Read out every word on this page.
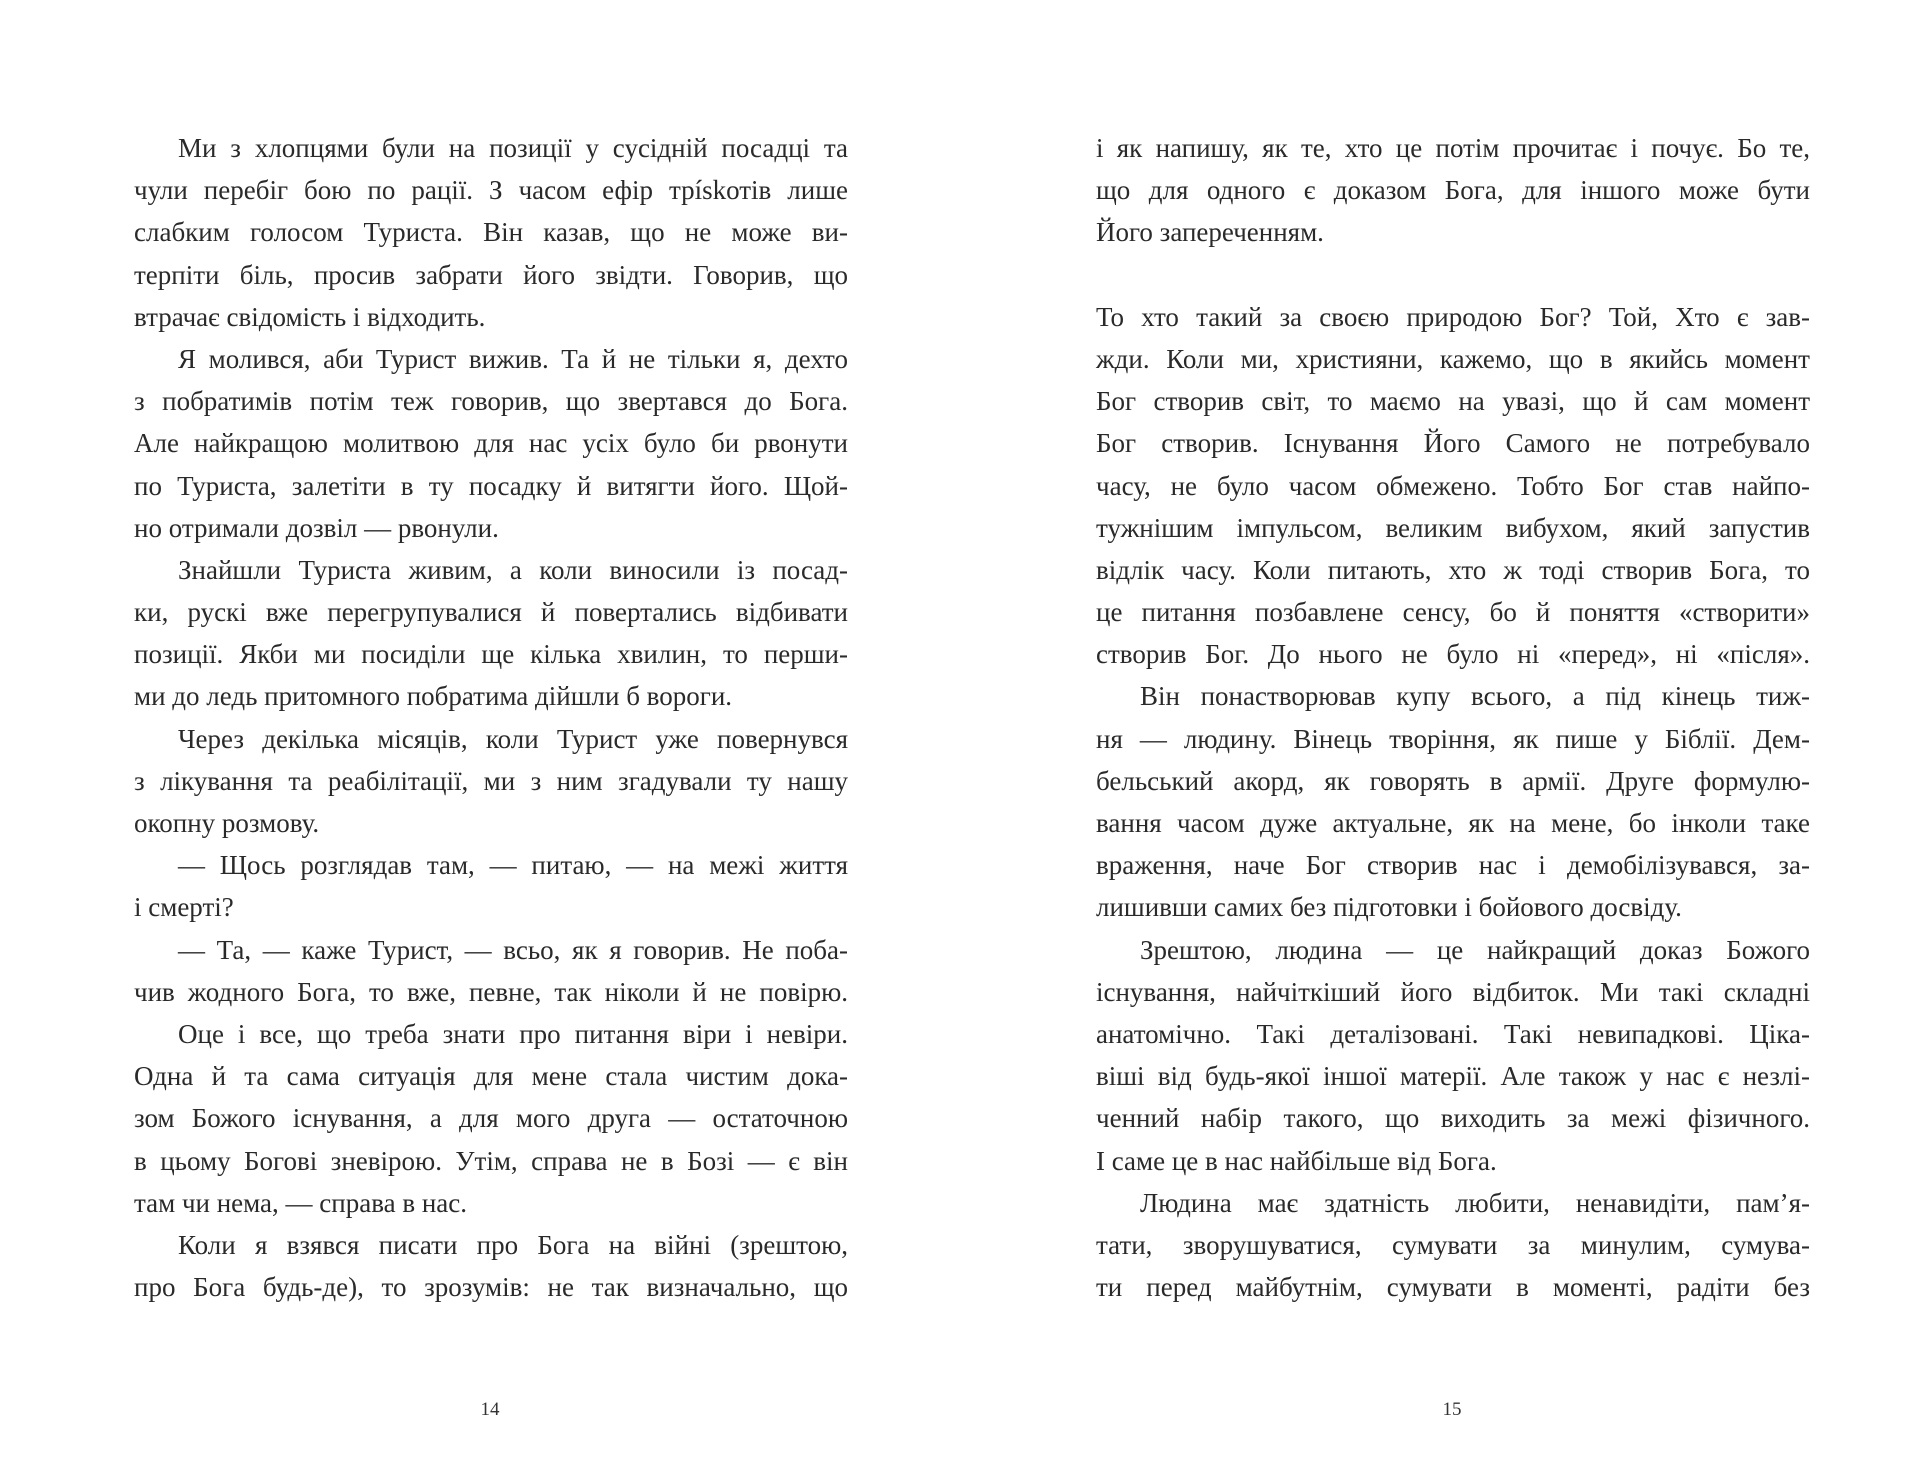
Ми з хлопцями були на позиції у сусідній посадці та
чули перебіг бою по рації. З часом ефір трískотів лише
слабким голосом Туриста. Він казав, що не може ви-
терпіти біль, просив забрати його звідти. Говорив, що
втрачає свідомість і відходить.
Я молився, аби Турист вижив. Та й не тільки я, дехто
з побратимів потім теж говорив, що звертався до Бога.
Але найкращою молитвою для нас усіх було би рвонути
по Туриста, залетіти в ту посадку й витягти його. Щой-
но отримали дозвіл — рвонули.
Знайшли Туриста живим, а коли виносили із посад-
ки, рускі вже перегрупувалися й повертались відбивати
позиції. Якби ми посиділи ще кілька хвилин, то перши-
ми до ледь притомного побратима дійшли б вороги.
Через декілька місяців, коли Турист уже повернувся
з лікування та реабілітації, ми з ним згадували ту нашу
окопну розмову.
— Щось розглядав там, — питаю, — на межі життя
і смерті?
— Та, — каже Турист, — всьо, як я говорив. Не поба-
чив жодного Бога, то вже, певне, так ніколи й не повірю.
Оце і все, що треба знати про питання віри і невіри.
Одна й та сама ситуація для мене стала чистим дока-
зом Божого існування, а для мого друга — остаточною
в цьому Богові зневірою. Утім, справа не в Бозі — є він
там чи нема, — справа в нас.
Коли я взявся писати про Бога на війні (зрештою,
про Бога будь-де), то зрозумів: не так визначально, що
14
і як напишу, як те, хто це потім прочитає і почує. Бо те,
що для одного є доказом Бога, для іншого може бути
Його запереченням.
То хто такий за своєю природою Бог? Той, Хто є зав-
жди. Коли ми, християни, кажемо, що в якийсь момент
Бог створив світ, то маємо на увазі, що й сам момент
Бог створив. Існування Його Самого не потребувало
часу, не було часом обмежено. Тобто Бог став найпо-
тужнішим імпульсом, великим вибухом, який запустив
відлік часу. Коли питають, хто ж тоді створив Бога, то
це питання позбавлене сенсу, бо й поняття «створити»
створив Бог. До нього не було ні «перед», ні «після».
Він понастворював купу всього, а під кінець тиж-
ня — людину. Вінець творіння, як пише у Біблії. Дем-
бельський акорд, як говорять в армії. Друге формулю-
вання часом дуже актуальне, як на мене, бо інколи таке
враження, наче Бог створив нас і демобілізувався, за-
лишивши самих без підготовки і бойового досвіду.
Зрештою, людина — це найкращий доказ Божого
існування, найчіткіший його відбиток. Ми такі складні
анатомічно. Такі деталізовані. Такі невипадкові. Ціка-
віші від будь-якої іншої матерії. Але також у нас є незлі-
ченний набір такого, що виходить за межі фізичного.
І саме це в нас найбільше від Бога.
Людина має здатність любити, ненавидіти, пам’я-
тати, зворушуватися, сумувати за минулим, сумува-
ти перед майбутнім, сумувати в моменті, радіти без
15
